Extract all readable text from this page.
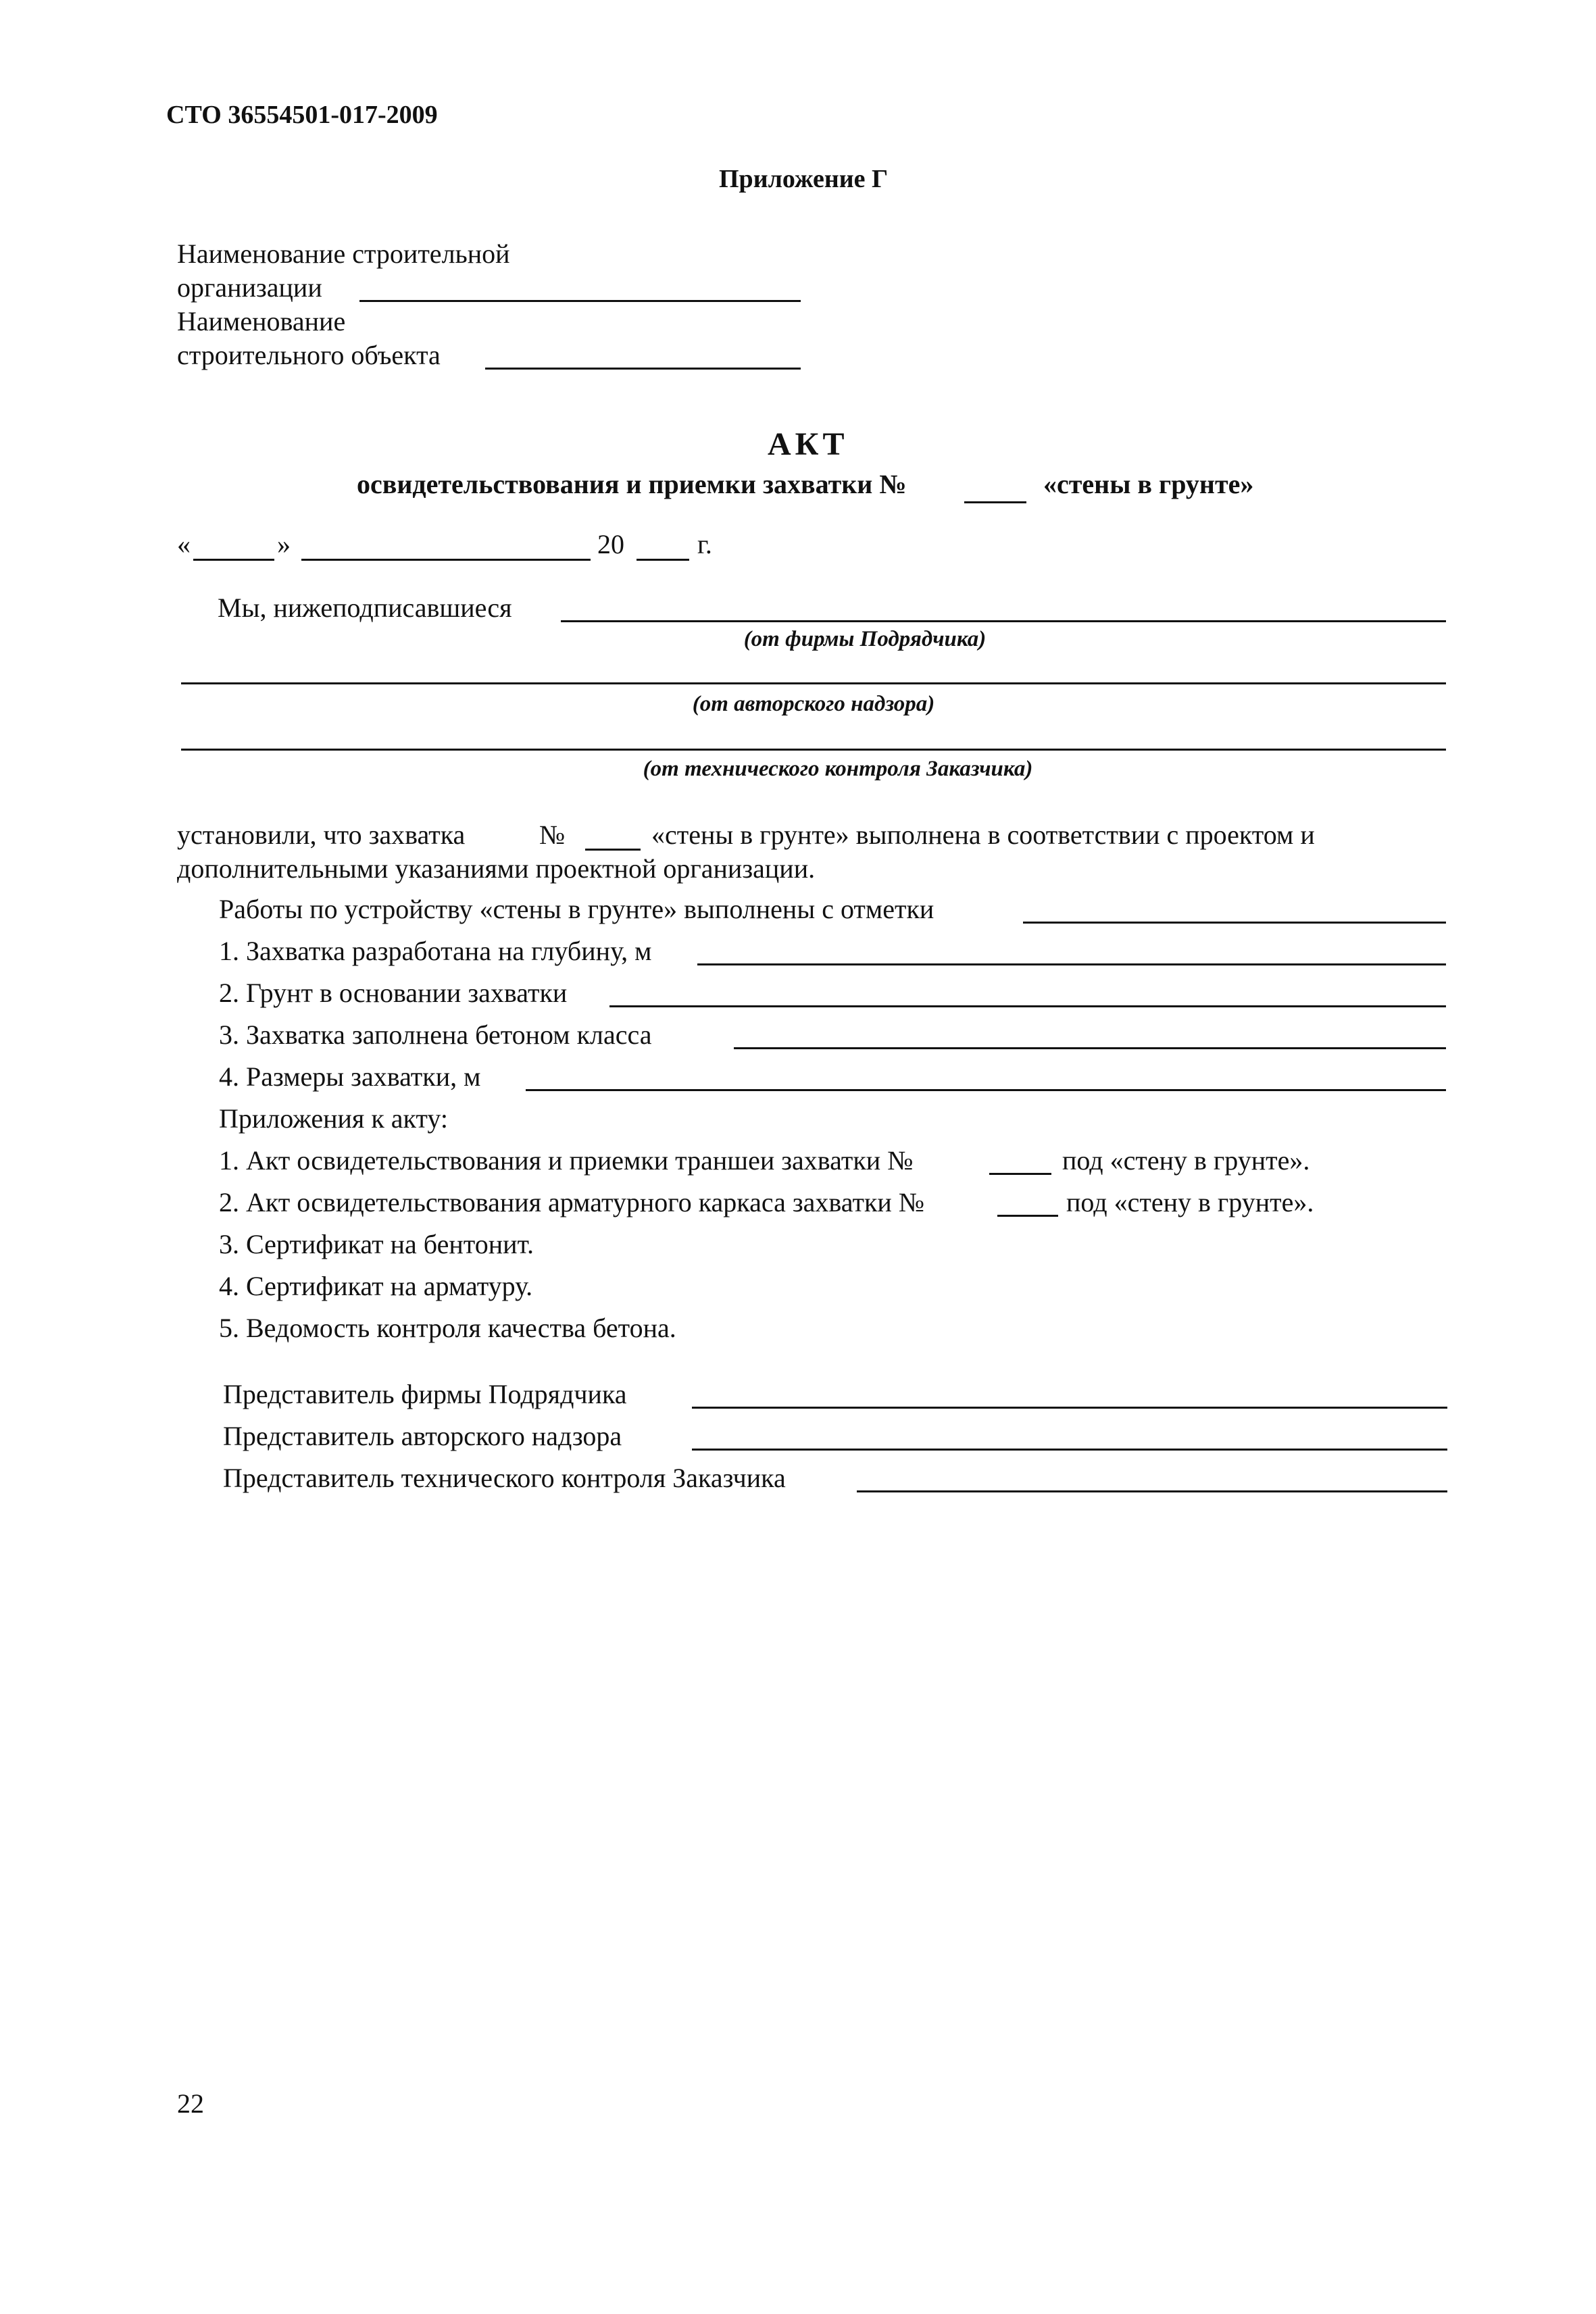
СТО 36554501-017-2009
Приложение Г
Наименование строительной
организации
Наименование
строительного объекта
АКТ
освидетельствования и приемки захватки №	«стены в грунте»
«	»	20	г.
Мы, нижеподписавшиеся
(от фирмы Подрядчика)
(от авторского надзора)
(от технического контроля Заказчика)
установили, что захватка	№	«стены в грунте» выполнена в соответствии с проектом и
дополнительными указаниями проектной организации.
Работы по устройству «стены в грунте» выполнены с отметки
1. Захватка разработана на глубину, м
2. Грунт в основании захватки
3. Захватка заполнена бетоном класса
4. Размеры захватки, м
Приложения к акту:
1. Акт освидетельствования и приемки траншеи захватки №	под «стену в грунте».
2. Акт освидетельствования арматурного каркаса захватки №	под «стену в грунте».
3. Сертификат на бентонит.
4. Сертификат на арматуру.
5. Ведомость контроля качества бетона.
Представитель фирмы Подрядчика
Представитель авторского надзора
Представитель технического контроля Заказчика
22
